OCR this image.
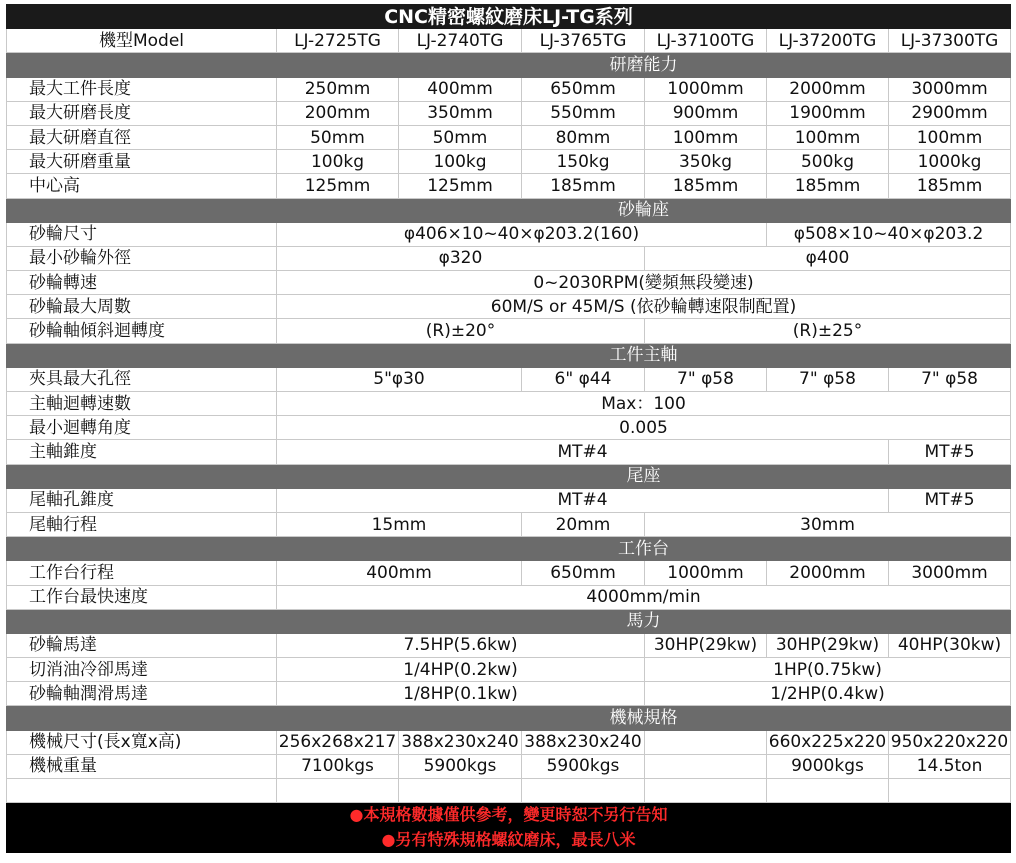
CNC精密螺紋磨床LJ-TG系列						
機型Model	LJ-2725TG	LJ-2740TG	LJ-3765TG	LJ-37100TG	LJ-37200TG	LJ-37300TG
	研磨能力					
最大工件長度	250mm	400mm	650mm	1000mm	2000mm	3000mm
最大研磨長度	200mm	350mm	550mm	900mm	1900mm	2900mm
最大研磨直徑	50mm	50mm	80mm	100mm	100mm	100mm
最大研磨重量	100kg	100kg	150kg	350kg	500kg	1000kg
中心高	125mm	125mm	185mm	185mm	185mm	185mm
	砂輪座					
砂輪尺寸	φ406×10~40×φ203.2(160)				φ508×10~40×φ203.2	
最小砂輪外徑	φ320			φ400		
砂輪轉速	0~2030RPM(變頻無段變速)					
砂輪最大周數	60M/S or 45M/S (依砂輪轉速限制配置)					
砂輪軸傾斜迴轉度	(R)±20°			(R)±25°		
	工件主軸					
夾具最大孔徑	5"φ30		6" φ44	7" φ58	7" φ58	7" φ58
主軸迴轉速數	Max：100					
最小迴轉角度	0.005					
主軸錐度	MT#4					MT#5
	尾座					
尾軸孔錐度	MT#4					MT#5
尾軸行程	15mm		20mm	30mm		
	工作台					
工作台行程	400mm		650mm	1000mm	2000mm	3000mm
工作台最快速度	4000mm/min					
	馬力					
砂輪馬達	7.5HP(5.6kw)			30HP(29kw)	30HP(29kw)	40HP(30kw)
切消油冷卻馬達	1/4HP(0.2kw)			1HP(0.75kw)		
砂輪軸潤滑馬達	1/8HP(0.1kw)			1/2HP(0.4kw)		
	機械規格					
機械尺寸(長x寬x高)	256x268x217	388x230x240	388x230x240		660x225x220	950x220x220
機械重量	7100kgs	5900kgs	5900kgs		9000kgs	14.5ton

●本規格數據僅供參考，變更時恕不另行告知						
●另有特殊規格螺紋磨床，最長八米						
